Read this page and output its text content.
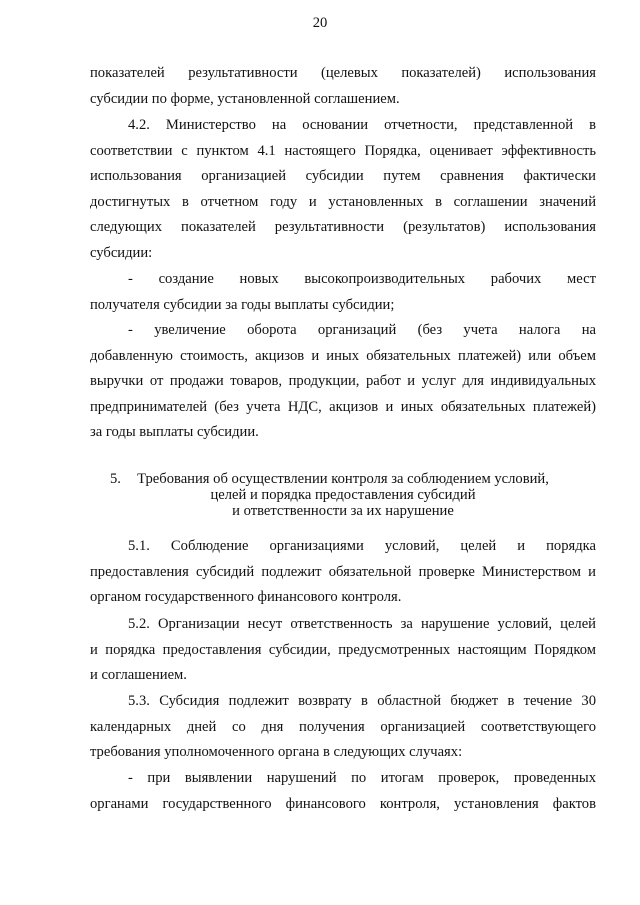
20

показателей результативности (целевых показателей) использования
субсидии по форме, установленной соглашением.

4.2. Министерство на основании отчетности, представленной в
соответствии с пунктом 4.1 настоящего Порядка, оценивает эффективность
использования организацией субсидии путем сравнения фактически
достигнутых в отчетном году и установленных в соглашении значений
следующих показателей результативности (результатов) использования
субсидии:

- создание новых высокопроизводительных рабочих мест
получателя субсидии за годы выплаты субсидии;

- увеличение оборота организаций (без учета налога на
добавленную стоимость, акцизов и иных обязательных платежей) или объем
выручки от продажи товаров, продукции, работ и услуг для индивидуальных
предпринимателей (без учета НДС, акцизов и иных обязательных платежей)
за годы выплаты субсидии.

5.	Требования об осуществлении контроля за соблюдением условий,
целей и порядка предоставления субсидий
и ответственности за их нарушение

5.1. Соблюдение организациями условий, целей и порядка
предоставления субсидий подлежит обязательной проверке Министерством и
органом государственного финансового контроля.

5.2. Организации несут ответственность за нарушение условий, целей
и порядка предоставления субсидии, предусмотренных настоящим Порядком
и соглашением.

5.3. Субсидия подлежит возврату в областной бюджет в течение 30
календарных дней со дня получения организацией соответствующего
требования уполномоченного органа в следующих случаях:

- при выявлении нарушений по итогам проверок, проведенных
органами государственного финансового контроля, установления фактов
